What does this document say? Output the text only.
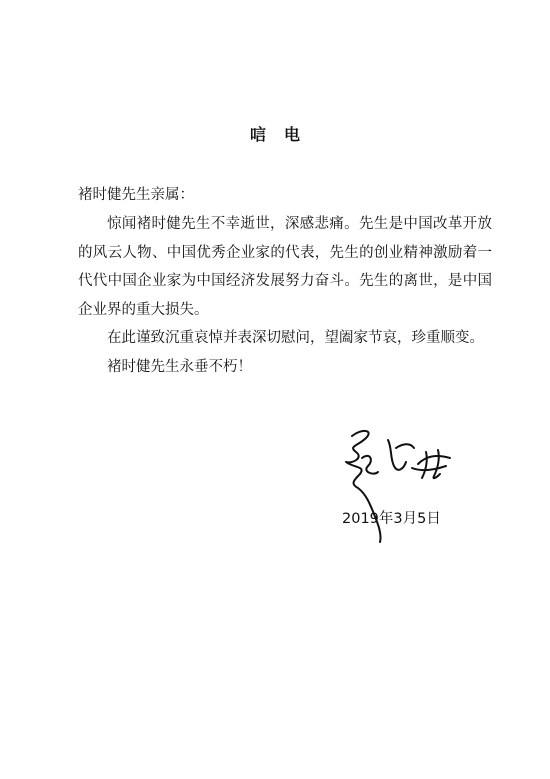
唁电
褚时健先生亲属：

惊闻褚时健先生不幸逝世，深感悲痛。先生是中国改革开放的风云人物、中国优秀企业家的代表，先生的创业精神激励着一代代中国企业家为中国经济发展努力奋斗。先生的离世，是中国企业界的重大损失。

在此谨致沉重哀悼并表深切慰问，望阖家节哀，珍重顺变。

褚时健先生永垂不朽！

2019年3月5日
